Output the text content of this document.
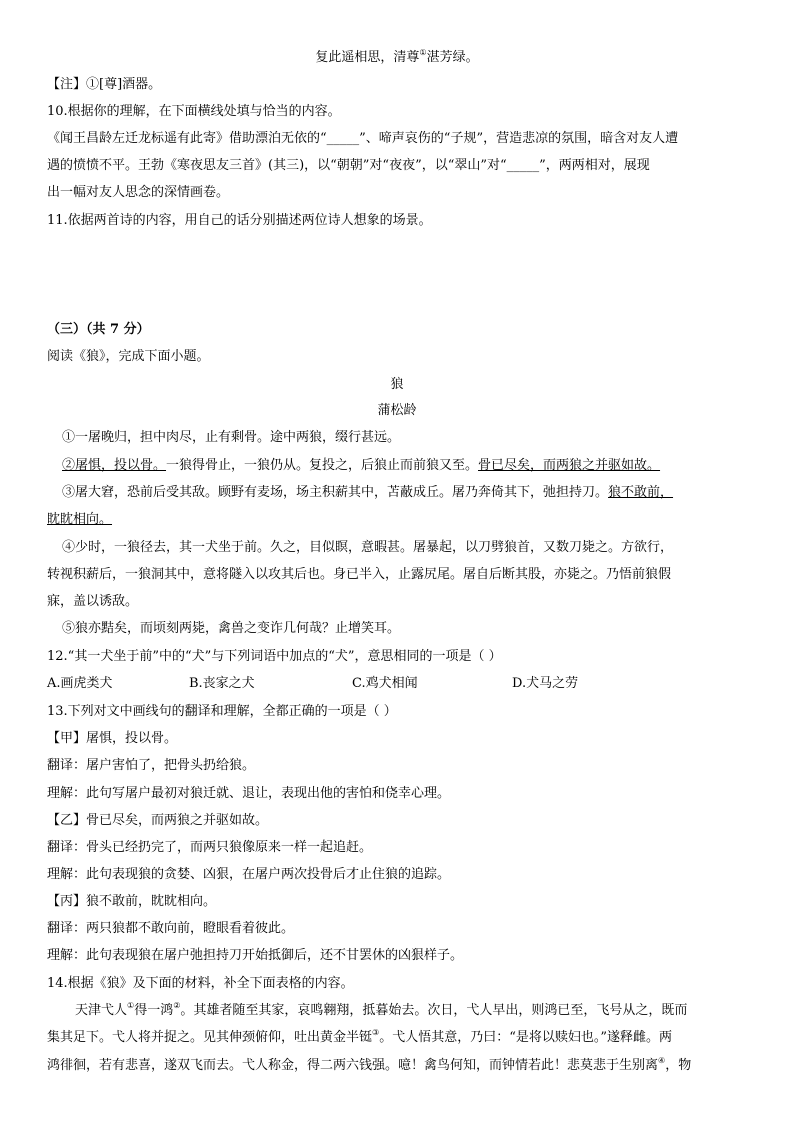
复此遥相思，清尊①湛芳绿。
【注】①[尊]酒器。
10.根据你的理解，在下面横线处填与恰当的内容。
《闻王昌龄左迁龙标遥有此寄》借助漂泊无依的“_____”、啼声哀伤的“子规”，营造悲凉的氛围，暗含对友人遭
遇的愤愤不平。王勃《寒夜思友三首》(其三)，以“朝朝”对“夜夜”，以“翠山”对“_____”，两两相对，展现
出一幅对友人思念的深情画卷。
11.依据两首诗的内容，用自己的话分别描述两位诗人想象的场景。
（三）（共 7 分）
阅读《狼》，完成下面小题。
狼
蒲松龄
①一屠晚归，担中肉尽，止有剩骨。途中两狼，缀行甚远。
②屠惧，投以骨。一狼得骨止，一狼仍从。复投之，后狼止而前狼又至。骨已尽矣，而两狼之并驱如故。
③屠大窘，恐前后受其敌。顾野有麦场，场主积薪其中，苫蔽成丘。屠乃奔倚其下，弛担持刀。狼不敢前，
眈眈相向。
④少时，一狼径去，其一犬坐于前。久之，目似瞑，意暇甚。屠暴起，以刀劈狼首，又数刀毙之。方欲行，
转视积薪后，一狼洞其中，意将隧入以攻其后也。身已半入，止露尻尾。屠自后断其股，亦毙之。乃悟前狼假
寐，盖以诱敌。
⑤狼亦黠矣，而顷刻两毙，禽兽之变诈几何哉？止增笑耳。
12.“其一犬坐于前”中的“犬”与下列词语中加点的“犬”，意思相同的一项是（ ）
A.画虎类犬	B.丧家之犬	C.鸡犬相闻	D.犬马之劳
13.下列对文中画线句的翻译和理解，全都正确的一项是（ ）
【甲】屠惧，投以骨。
翻译：屠户害怕了，把骨头扔给狼。
理解：此句写屠户最初对狼迁就、退让，表现出他的害怕和侥幸心理。
【乙】骨已尽矣，而两狼之并驱如故。
翻译：骨头已经扔完了，而两只狼像原来一样一起追赶。
理解：此句表现狼的贪婪、凶狠，在屠户两次投骨后才止住狼的追踪。
【丙】狼不敢前，眈眈相向。
翻译：两只狼都不敢向前，瞪眼看着彼此。
理解：此句表现狼在屠户弛担持刀开始抵御后，还不甘罢休的凶狠样子。
14.根据《狼》及下面的材料，补全下面表格的内容。
天津弋人①得一鸿②。其雄者随至其家，哀鸣翱翔，抵暮始去。次日，弋人早出，则鸿已至，飞号从之，既而
集其足下。弋人将并捉之。见其伸颈俯仰，吐出黄金半铤③。弋人悟其意，乃曰：“是将以赎妇也。”遂释雌。两
鸿徘徊，若有悲喜，遂双飞而去。弋人称金，得二两六钱强。噫！禽鸟何知，而钟情若此！悲莫悲于生别离④，物
